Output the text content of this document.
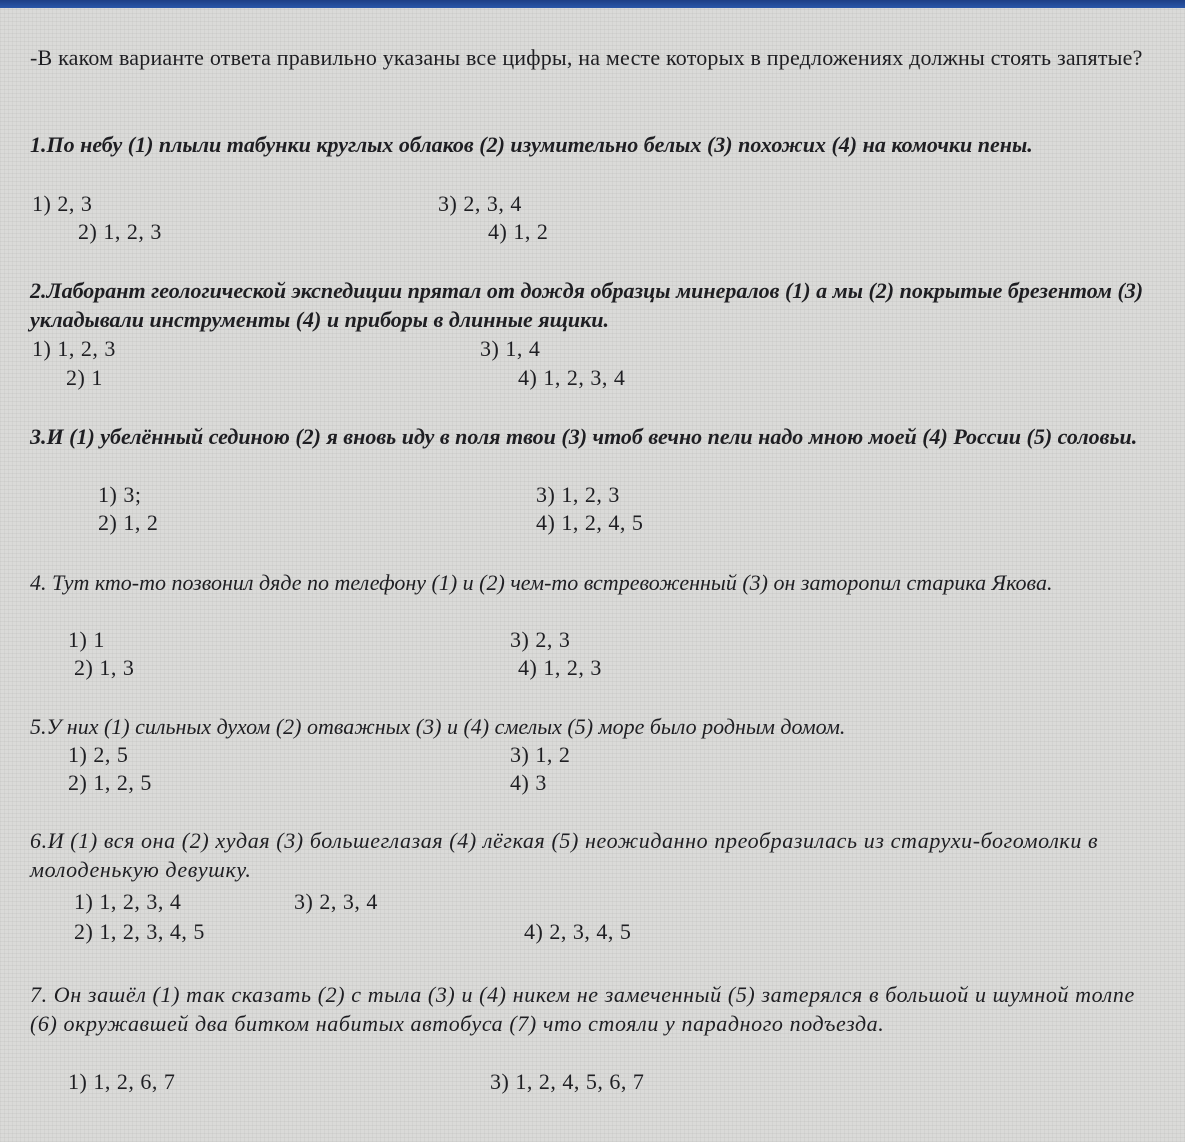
-В каком варианте ответа правильно указаны все цифры, на месте которых в предложениях должны стоять запятые?
1.По небу (1) плыли табунки круглых облаков (2) изумительно белых (3) похожих (4) на комочки пены.
1) 2, 3
2) 1, 2, 3
3) 2, 3, 4
4) 1, 2
2.Лаборант геологической экспедиции прятал от дождя образцы минералов (1) а мы (2) покрытые брезентом (3) укладывали инструменты (4) и приборы в длинные ящики.
1) 1, 2, 3
2) 1
3) 1, 4
4) 1, 2, 3, 4
3.И (1) убелённый сединою (2) я вновь иду в поля твои (3) чтоб вечно пели надо мною моей (4) России (5) соловьи.
1) 3;
2) 1, 2
3) 1, 2, 3
4) 1, 2, 4, 5
4. Тут кто-то позвонил дяде по телефону (1) и (2) чем-то встревоженный (3) он заторопил старика Якова.
1) 1
2) 1, 3
3) 2, 3
4) 1, 2, 3
5.У них (1) сильных духом (2) отважных (3) и (4) смелых (5) море было родным домом.
1) 2, 5
2) 1, 2, 5
3) 1, 2
4) 3
6.И (1) вся она (2) худая (3) большеглазая (4) лёгкая (5) неожиданно преобразилась из старухи-богомолки в молоденькую девушку.
1) 1, 2, 3, 4
2) 1, 2, 3, 4, 5
3) 2, 3, 4
4) 2, 3, 4, 5
7. Он зашёл (1) так сказать (2) с тыла (3) и (4) никем не замеченный (5) затерялся в большой и шумной толпе (6) окружавшей два битком набитых автобуса (7) что стояли у парадного подъезда.
1) 1, 2, 6, 7	3) 1, 2, 4, 5, 6, 7
